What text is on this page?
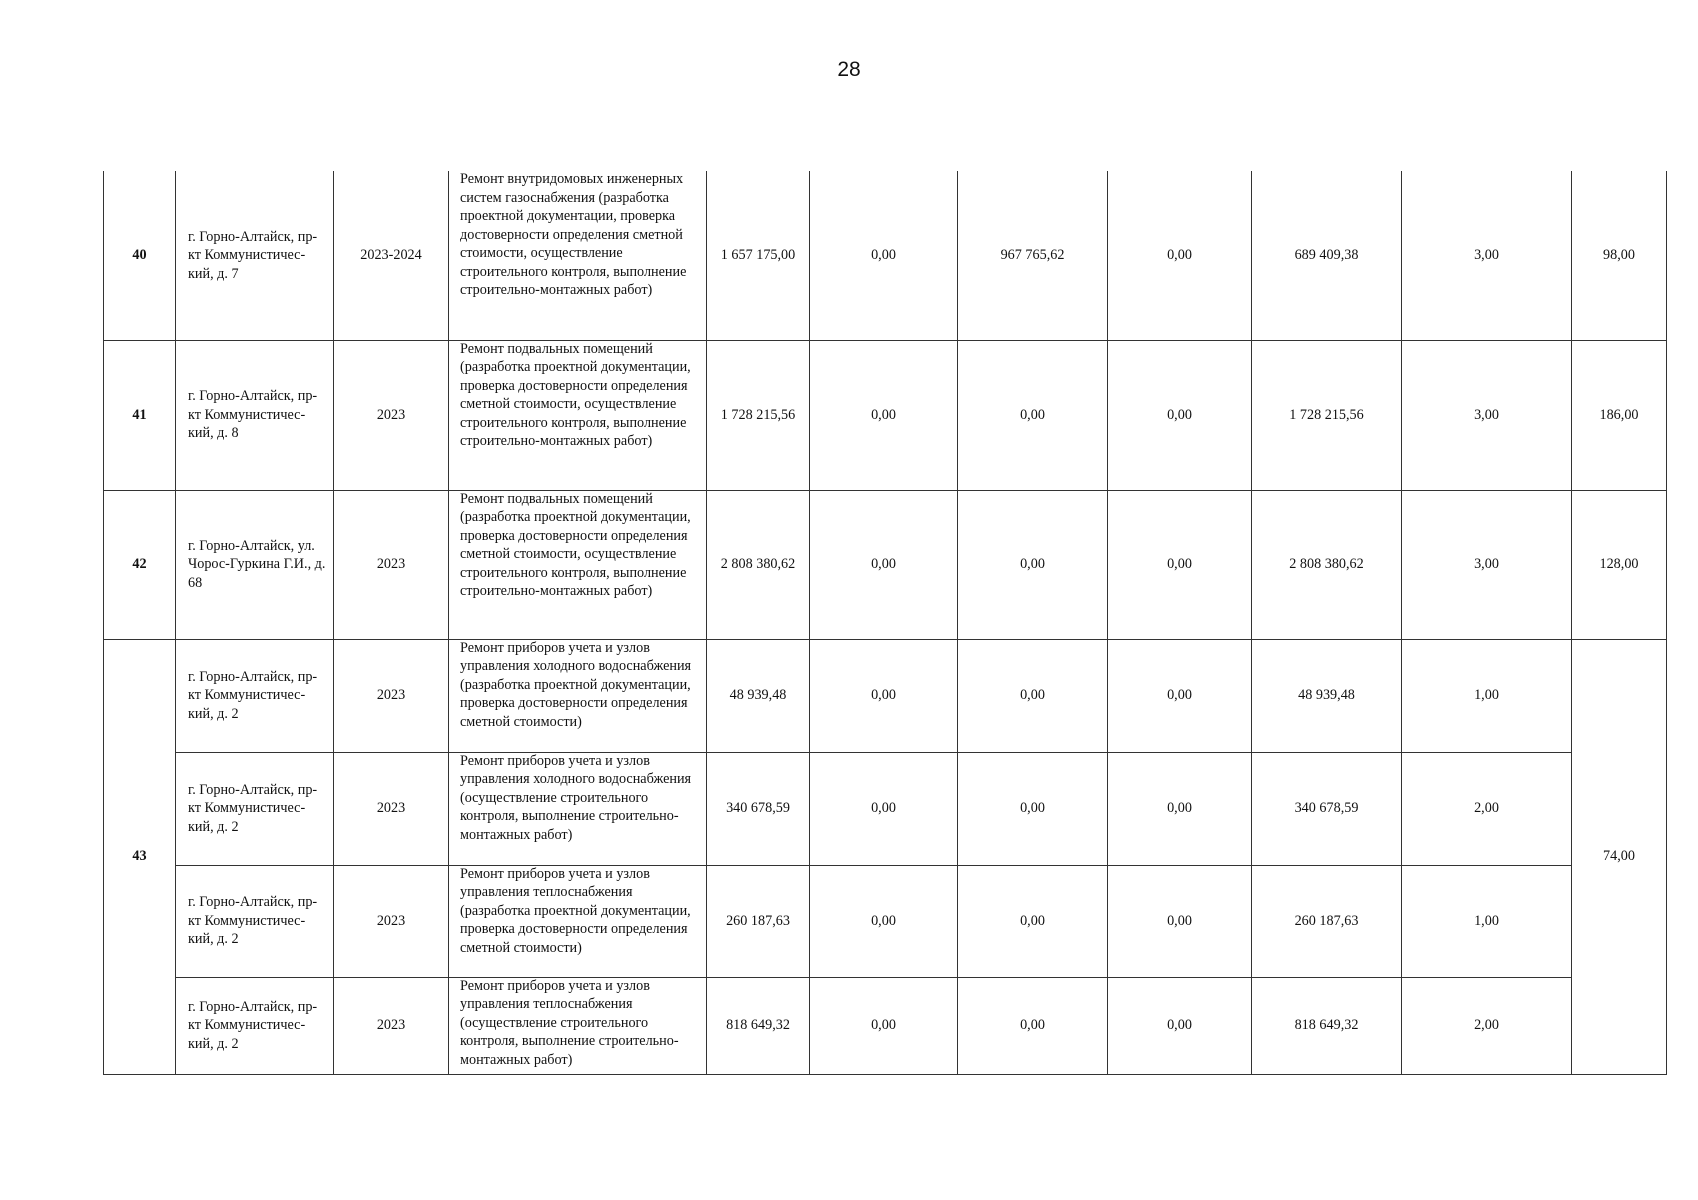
28
40	г. Горно-Алтайск, пр-кт Коммунистичес-кий, д. 7	2023-2024	Ремонт внутридомовых инженерных систем газоснабжения (разработка проектной документации, проверка достоверности определения сметной стоимости, осуществление строительного контроля, выполнение строительно-монтажных работ)	1 657 175,00	0,00	967 765,62	0,00	689 409,38	3,00	98,00
41	г. Горно-Алтайск, пр-кт Коммунистичес-кий, д. 8	2023	Ремонт подвальных помещений (разработка проектной документации, проверка достоверности определения сметной стоимости, осуществление строительного контроля, выполнение строительно-монтажных работ)	1 728 215,56	0,00	0,00	0,00	1 728 215,56	3,00	186,00
42	г. Горно-Алтайск, ул. Чорос-Гуркина Г.И., д. 68	2023	Ремонт подвальных помещений (разработка проектной документации, проверка достоверности определения сметной стоимости, осуществление строительного контроля, выполнение строительно-монтажных работ)	2 808 380,62	0,00	0,00	0,00	2 808 380,62	3,00	128,00
43	г. Горно-Алтайск, пр-кт Коммунистичес-кий, д. 2	2023	Ремонт приборов учета и узлов управления холодного водоснабжения (разработка проектной документации, проверка достоверности определения сметной стоимости)	48 939,48	0,00	0,00	0,00	48 939,48	1,00	74,00
	г. Горно-Алтайск, пр-кт Коммунистичес-кий, д. 2	2023	Ремонт приборов учета и узлов управления холодного водоснабжения (осуществление строительного контроля, выполнение строительно-монтажных работ)	340 678,59	0,00	0,00	0,00	340 678,59	2,00	
	г. Горно-Алтайск, пр-кт Коммунистичес-кий, д. 2	2023	Ремонт приборов учета и узлов управления теплоснабжения (разработка проектной документации, проверка достоверности определения сметной стоимости)	260 187,63	0,00	0,00	0,00	260 187,63	1,00	
	г. Горно-Алтайск, пр-кт Коммунистичес-кий, д. 2	2023	Ремонт приборов учета и узлов управления теплоснабжения (осуществление строительного контроля, выполнение строительно-монтажных работ)	818 649,32	0,00	0,00	0,00	818 649,32	2,00	
